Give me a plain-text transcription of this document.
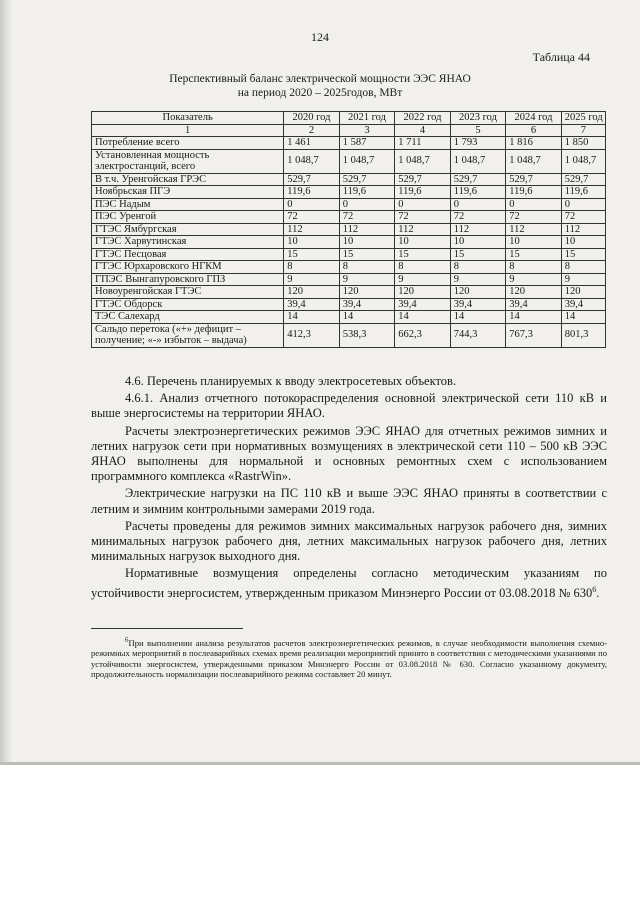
124
Таблица 44
Перспективный баланс электрической мощности ЭЭС ЯНАО
на период 2020 – 2025годов, МВт
Показатель	2020 год	2021 год	2022 год	2023 год	2024 год	2025 год
1	2	3	4	5	6	7
Потребление всего	1 461	1 587	1 711	1 793	1 816	1 850
Установленная мощность электростанций, всего	1 048,7	1 048,7	1 048,7	1 048,7	1 048,7	1 048,7
В т.ч. Уренгойская ГРЭС	529,7	529,7	529,7	529,7	529,7	529,7
Ноябрьская ПГЭ	119,6	119,6	119,6	119,6	119,6	119,6
ПЭС Надым	0	0	0	0	0	0
ПЭС Уренгой	72	72	72	72	72	72
ГТЭС Ямбургская	112	112	112	112	112	112
ГТЭС Харвутинская	10	10	10	10	10	10
ГТЭС Песцовая	15	15	15	15	15	15
ГТЭС Юрхаровского НГКМ	8	8	8	8	8	8
ГПЭС Вынгапуровского ГПЗ	9	9	9	9	9	9
Новоуренгойская ГТЭС	120	120	120	120	120	120
ГТЭС Обдорск	39,4	39,4	39,4	39,4	39,4	39,4
ТЭС Салехард	14	14	14	14	14	14
Сальдо перетока («+» дефицит – получение; «-» избыток – выдача)	412,3	538,3	662,3	744,3	767,3	801,3

4.6. Перечень планируемых к вводу электросетевых объектов.

4.6.1. Анализ отчетного потокораспределения основной электрической сети 110 кВ и выше энергосистемы на территории ЯНАО.

Расчеты электроэнергетических режимов ЭЭС ЯНАО для отчетных режимов зимних и летних нагрузок сети при нормативных возмущениях в электрической сети 110 – 500 кВ ЭЭС ЯНАО выполнены для нормальной и основных ремонтных схем с использованием программного комплекса «RastrWin».

Электрические нагрузки на ПС 110 кВ и выше ЭЭС ЯНАО приняты в соответствии с летним и зимним контрольными замерами 2019 года.

Расчеты проведены для режимов зимних максимальных нагрузок рабочего дня, зимних минимальных нагрузок рабочего дня, летних максимальных нагрузок рабочего дня, летних минимальных нагрузок выходного дня.

Нормативные возмущения определены согласно методическим указаниям по устойчивости энергосистем, утвержденным приказом Минэнерго России от 03.08.2018 № $630^6$.

$^6$При выполнении анализа результатов расчетов электроэнергетических режимов, в случае необходимости выполнения схемно-режимных мероприятий в послеаварийных схемах время реализации мероприятий принято в соответствии с методическими указаниями по устойчивости энергосистем, утвержденными приказом Минэнерго России от 03.08.2018 № 630. Согласно указанному документу, продолжительность нормализации послеаварийного режима составляет 20 минут.
